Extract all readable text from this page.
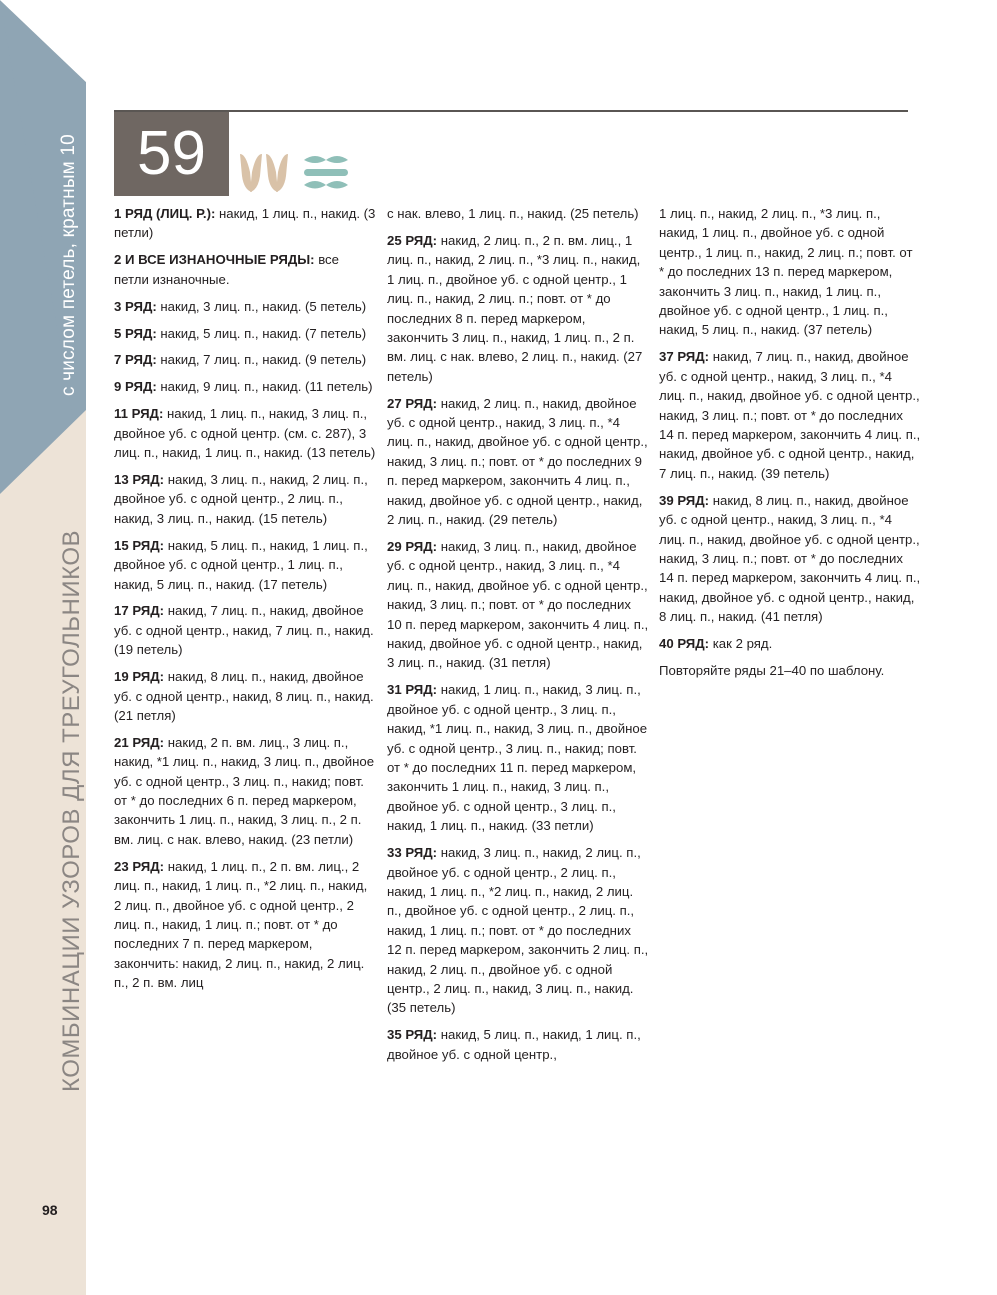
с числом петель, кратным 10
КОМБИНАЦИИ УЗОРОВ ДЛЯ ТРЕУГОЛЬНИКОВ
59

1 РЯД (ЛИЦ. Р.): накид, 1 лиц. п., накид. (3 петли)

2 И ВСЕ ИЗНАНОЧНЫЕ РЯДЫ: все петли изнаночные.

3 РЯД: накид, 3 лиц. п., накид. (5 петель)

5 РЯД: накид, 5 лиц. п., накид. (7 петель)

7 РЯД: накид, 7 лиц. п., накид. (9 петель)

9 РЯД: накид, 9 лиц. п., накид. (11 петель)

11 РЯД: накид, 1 лиц. п., накид, 3 лиц. п., двойное уб. с одной центр. (см. с. 287), 3 лиц. п., накид, 1 лиц. п., накид. (13 петель)

13 РЯД: накид, 3 лиц. п., накид, 2 лиц. п., двойное уб. с одной центр., 2 лиц. п., накид, 3 лиц. п., накид. (15 петель)

15 РЯД: накид, 5 лиц. п., накид, 1 лиц. п., двойное уб. с одной центр., 1 лиц. п., накид, 5 лиц. п., накид. (17 петель)

17 РЯД: накид, 7 лиц. п., накид, двойное уб. с одной центр., накид, 7 лиц. п., накид. (19 петель)

19 РЯД: накид, 8 лиц. п., накид, двойное уб. с одной центр., накид, 8 лиц. п., накид. (21 петля)

21 РЯД: накид, 2 п. вм. лиц., 3 лиц. п., накид, *1 лиц. п., накид, 3 лиц. п., двойное уб. с одной центр., 3 лиц. п., накид; повт. от * до последних 6 п. перед маркером, закончить 1 лиц. п., накид, 3 лиц. п., 2 п. вм. лиц. с нак. влево, накид. (23 петли)

23 РЯД: накид, 1 лиц. п., 2 п. вм. лиц., 2 лиц. п., накид, 1 лиц. п., *2 лиц. п., накид, 2 лиц. п., двойное уб. с одной центр., 2 лиц. п., накид, 1 лиц. п.; повт. от * до последних 7 п. перед маркером, закончить: накид, 2 лиц. п., накид, 2 лиц. п., 2 п. вм. лиц

с нак. влево, 1 лиц. п., накид. (25 петель)

25 РЯД: накид, 2 лиц. п., 2 п. вм. лиц., 1 лиц. п., накид, 2 лиц. п., *3 лиц. п., накид, 1 лиц. п., двойное уб. с одной центр., 1 лиц. п., накид, 2 лиц. п.; повт. от * до последних 8 п. перед маркером, закончить 3 лиц. п., накид, 1 лиц. п., 2 п. вм. лиц. с нак. влево, 2 лиц. п., накид. (27 петель)

27 РЯД: накид, 2 лиц. п., накид, двойное уб. с одной центр., накид, 3 лиц. п., *4 лиц. п., накид, двойное уб. с одной центр., накид, 3 лиц. п.; повт. от * до последних 9 п. перед маркером, закончить 4 лиц. п., накид, двойное уб. с одной центр., накид, 2 лиц. п., накид. (29 петель)

29 РЯД: накид, 3 лиц. п., накид, двойное уб. с одной центр., накид, 3 лиц. п., *4 лиц. п., накид, двойное уб. с одной центр., накид, 3 лиц. п.; повт. от * до последних 10 п. перед маркером, закончить 4 лиц. п., накид, двойное уб. с одной центр., накид, 3 лиц. п., накид. (31 петля)

31 РЯД: накид, 1 лиц. п., накид, 3 лиц. п., двойное уб. с одной центр., 3 лиц. п., накид, *1 лиц. п., накид, 3 лиц. п., двойное уб. с одной центр., 3 лиц. п., накид; повт. от * до последних 11 п. перед маркером, закончить 1 лиц. п., накид, 3 лиц. п., двойное уб. с одной центр., 3 лиц. п., накид, 1 лиц. п., накид. (33 петли)

33 РЯД: накид, 3 лиц. п., накид, 2 лиц. п., двойное уб. с одной центр., 2 лиц. п., накид, 1 лиц. п., *2 лиц. п., накид, 2 лиц. п., двойное уб. с одной центр., 2 лиц. п., накид, 1 лиц. п.; повт. от * до последних 12 п. перед маркером, закончить 2 лиц. п., накид, 2 лиц. п., двойное уб. с одной центр., 2 лиц. п., накид, 3 лиц. п., накид. (35 петель)

35 РЯД: накид, 5 лиц. п., накид, 1 лиц. п., двойное уб. с одной центр.,

1 лиц. п., накид, 2 лиц. п., *3 лиц. п., накид, 1 лиц. п., двойное уб. с одной центр., 1 лиц. п., накид, 2 лиц. п.; повт. от * до последних 13 п. перед маркером, закончить 3 лиц. п., накид, 1 лиц. п., двойное уб. с одной центр., 1 лиц. п., накид, 5 лиц. п., накид. (37 петель)

37 РЯД: накид, 7 лиц. п., накид, двойное уб. с одной центр., накид, 3 лиц. п., *4 лиц. п., накид, двойное уб. с одной центр., накид, 3 лиц. п.; повт. от * до последних 14 п. перед маркером, закончить 4 лиц. п., накид, двойное уб. с одной центр., накид, 7 лиц. п., накид. (39 петель)

39 РЯД: накид, 8 лиц. п., накид, двойное уб. с одной центр., накид, 3 лиц. п., *4 лиц. п., накид, двойное уб. с одной центр., накид, 3 лиц. п.; повт. от * до последних 14 п. перед маркером, закончить 4 лиц. п., накид, двойное уб. с одной центр., накид, 8 лиц. п., накид. (41 петля)

40 РЯД: как 2 ряд.

Повторяйте ряды 21–40 по шаблону.

98
